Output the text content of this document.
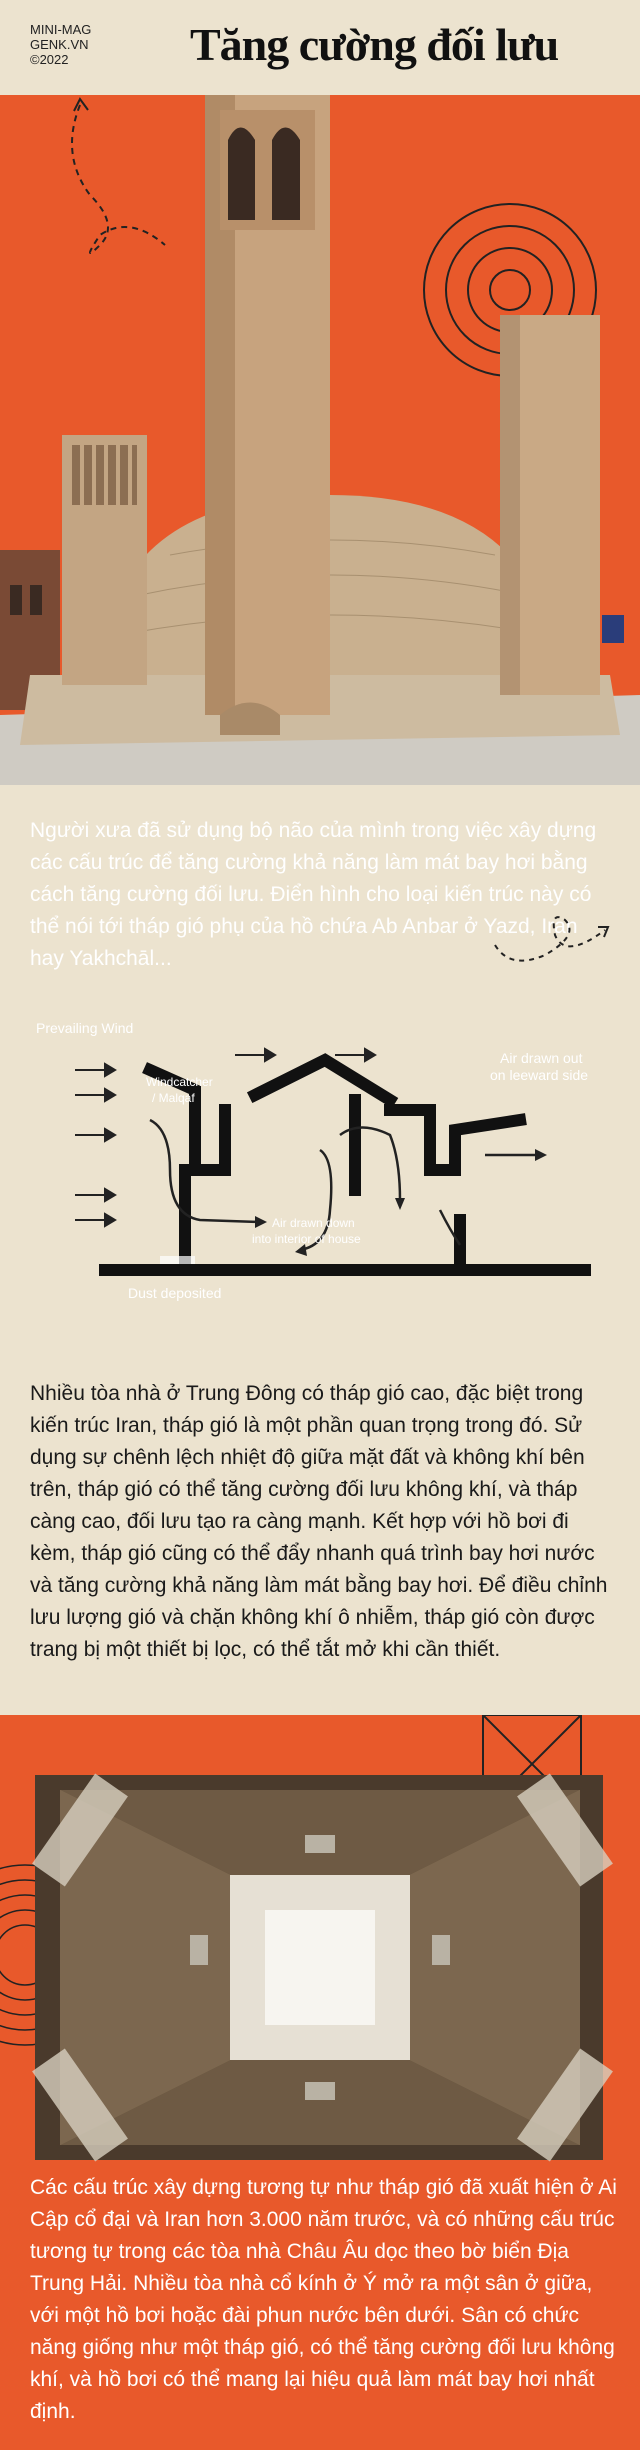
MINI-MAG
GENK.VN
©2022	Tăng cường đối lưu
Người xưa đã sử dụng bộ não của mình trong việc xây dựng các cấu trúc để tăng cường khả năng làm mát bay hơi bằng cách tăng cường đối lưu. Điển hình cho loại kiến trúc này có thể nói tới tháp gió phụ của hồ chứa Ab Anbar ở Yazd, Iran hay Yakhchāl...
Prevailing Wind
Windcatcher
/ Malqaf
Air drawn out
on leeward side
Air drawn down
into interior of house
Dust deposited
Nhiều tòa nhà ở Trung Đông có tháp gió cao, đặc biệt trong kiến trúc Iran, tháp gió là một phần quan trọng trong đó. Sử dụng sự chênh lệch nhiệt độ giữa mặt đất và không khí bên trên, tháp gió có thể tăng cường đối lưu không khí, và tháp càng cao, đối lưu tạo ra càng mạnh. Kết hợp với hồ bơi đi kèm, tháp gió cũng có thể đẩy nhanh quá trình bay hơi nước và tăng cường khả năng làm mát bằng bay hơi. Để điều chỉnh lưu lượng gió và chặn không khí ô nhiễm, tháp gió còn được trang bị một thiết bị lọc, có thể tắt mở khi cần thiết.
Các cấu trúc xây dựng tương tự như tháp gió đã xuất hiện ở Ai Cập cổ đại và Iran hơn 3.000 năm trước, và có những cấu trúc tương tự trong các tòa nhà Châu Âu dọc theo bờ biển Địa Trung Hải. Nhiều tòa nhà cổ kính ở Ý mở ra một sân ở giữa, với một hồ bơi hoặc đài phun nước bên dưới. Sân có chức năng giống như một tháp gió, có thể tăng cường đối lưu không khí, và hồ bơi có thể mang lại hiệu quả làm mát bay hơi nhất định.
